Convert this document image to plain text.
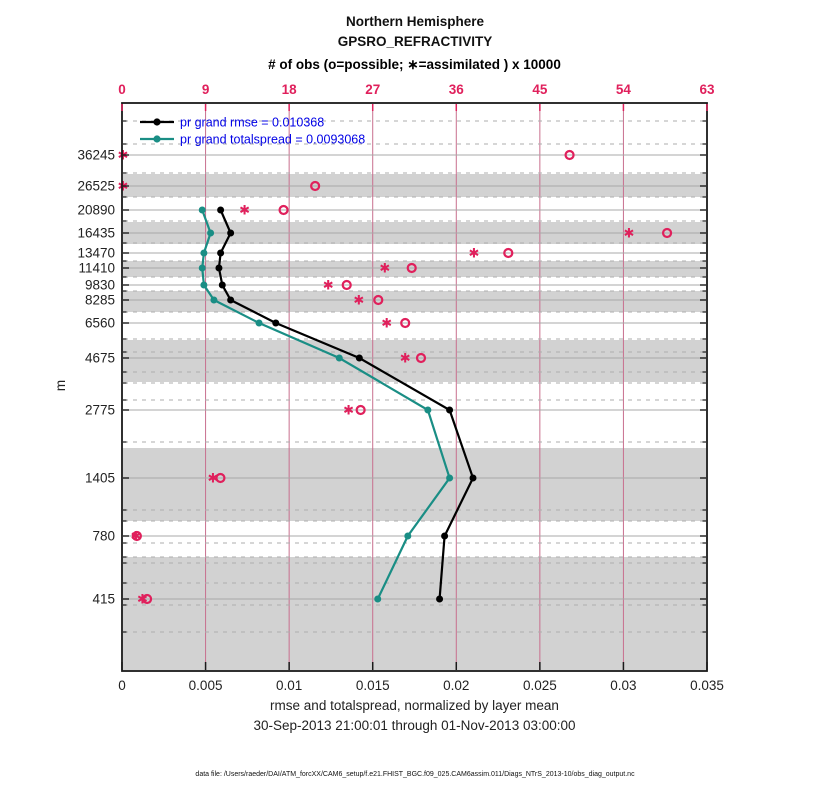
Northern Hemisphere
GPSRO_REFRACTIVITY
# of obs (o=possible; ∗=assimilated ) x 10000
m
✱
✱
✱
✱
✱
✱
✱
✱
✱
✱
✱
✱
✱
✱
0	9	18	27	36	45	54	63
0	0.005	0.01	0.015	0.02	0.025	0.03	0.035
36245
26525
20890
16435
13470
11410
9830
8285
6560
4675
2775
1405
780
415
pr grand rmse = 0.010368
pr grand totalspread = 0.0093068
rmse and totalspread, normalized by layer mean
30-Sep-2013 21:00:01 through 01-Nov-2013 03:00:00
data file: /Users/raeder/DAI/ATM_forcXX/CAM6_setup/f.e21.FHIST_BGC.f09_025.CAM6assim.011/Diags_NTrS_2013-10/obs_diag_output.nc
